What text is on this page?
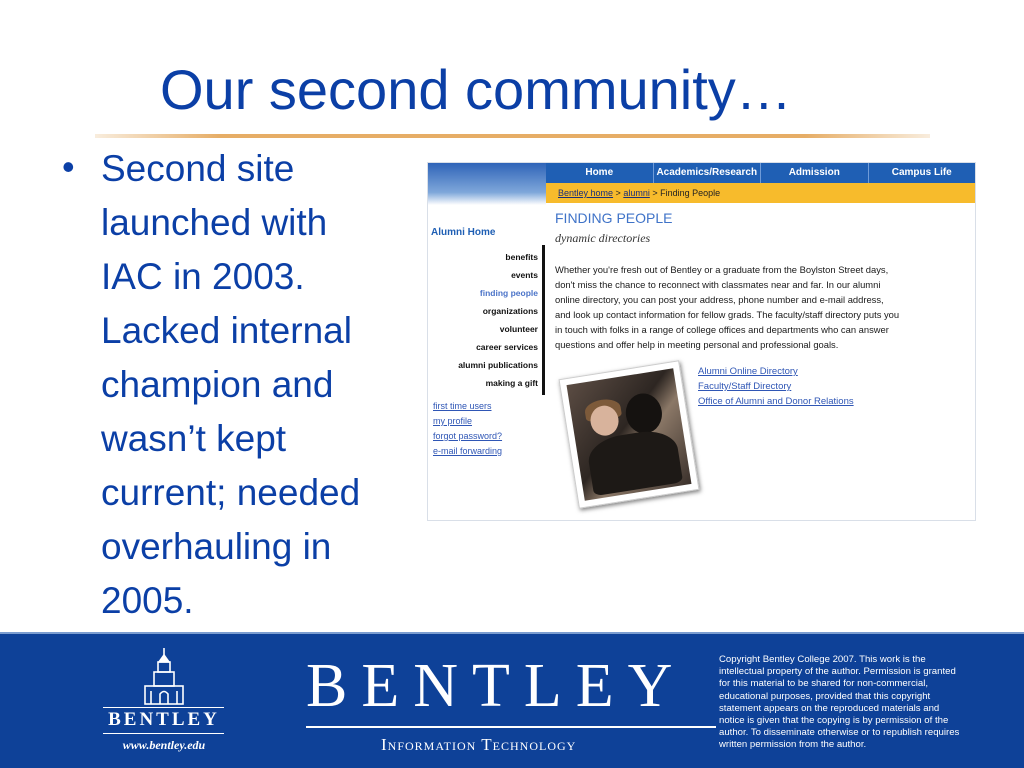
Our second community…
• Second site
launched with
IAC in 2003.
Lacked internal
champion and
wasn’t kept
current; needed
overhauling in
2005.
Home	Academics/Research	Admission	Campus Life
Bentley home > alumni > Finding People
Alumni Home
benefits
events
finding people
organizations
volunteer
career services
alumni publications
making a gift
first time users
my profile
forgot password?
e-mail forwarding
FINDING PEOPLE
dynamic directories
Whether you're fresh out of Bentley or a graduate from the Boylston Street days,
don't miss the chance to reconnect with classmates near and far. In our alumni
online directory, you can post your address, phone number and e-mail address,
and look up contact information for fellow grads. The faculty/staff directory puts you
in touch with folks in a range of college offices and departments who can answer
questions and offer help in meeting personal and professional goals.
Alumni Online Directory
Faculty/Staff Directory
Office of Alumni and Donor Relations
BENTLEY
www.bentley.edu
BENTLEY
Information Technology
Copyright Bentley College 2007. This work is the
intellectual property of the author. Permission is granted
for this material to be shared for non-commercial,
educational purposes, provided that this copyright
statement appears on the reproduced materials and
notice is given that the copying is by permission of the
author. To disseminate otherwise or to republish requires
written permission from the author.
